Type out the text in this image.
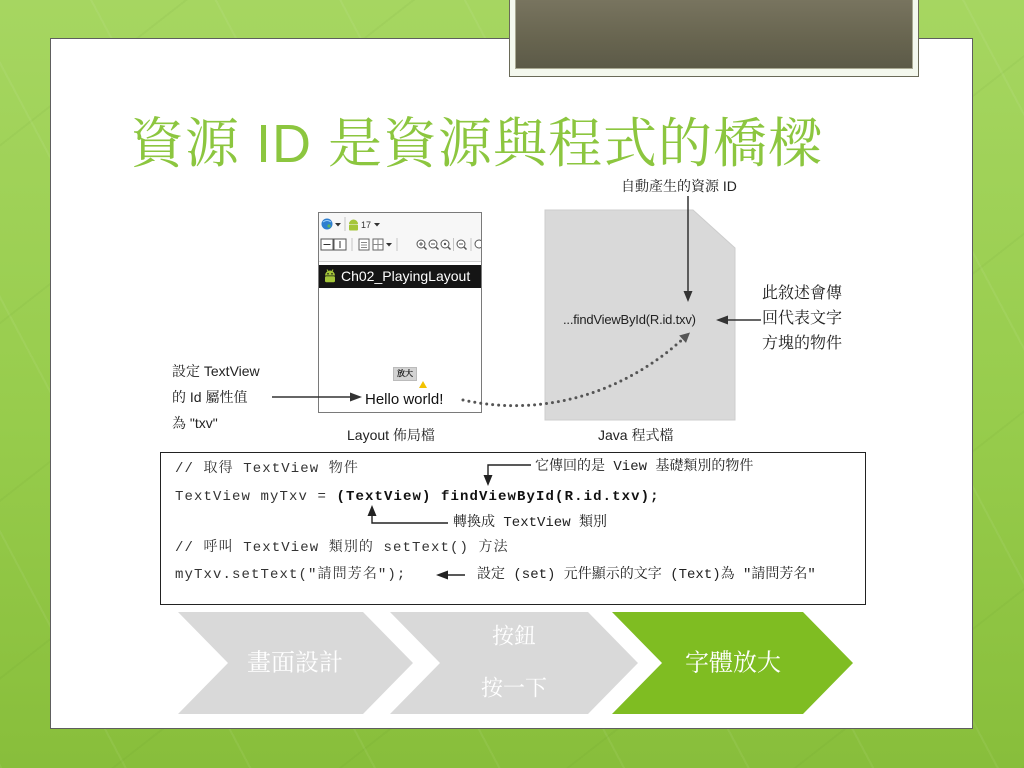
資源 ID 是資源與程式的橋樑
自動產生的資源 ID
...findViewById(R.id.txv)
Java 程式檔
Layout 佈局檔
此敘述會傳
回代表文字
方塊的物件
設定 TextView
的 Id 屬性值
為 "txv"
17
Ch02_PlayingLayout
放大
Hello world!
// 取得 TextView 物件	它傳回的是 View 基礎類別的物件
TextView myTxv = (TextView) findViewById(R.id.txv);
轉換成 TextView 類別
// 呼叫 TextView 類別的 setText() 方法
myTxv.setText("請問芳名");	設定 (set) 元件顯示的文字 (Text)為 "請問芳名"
畫面設計
按鈕
按一下
字體放大
